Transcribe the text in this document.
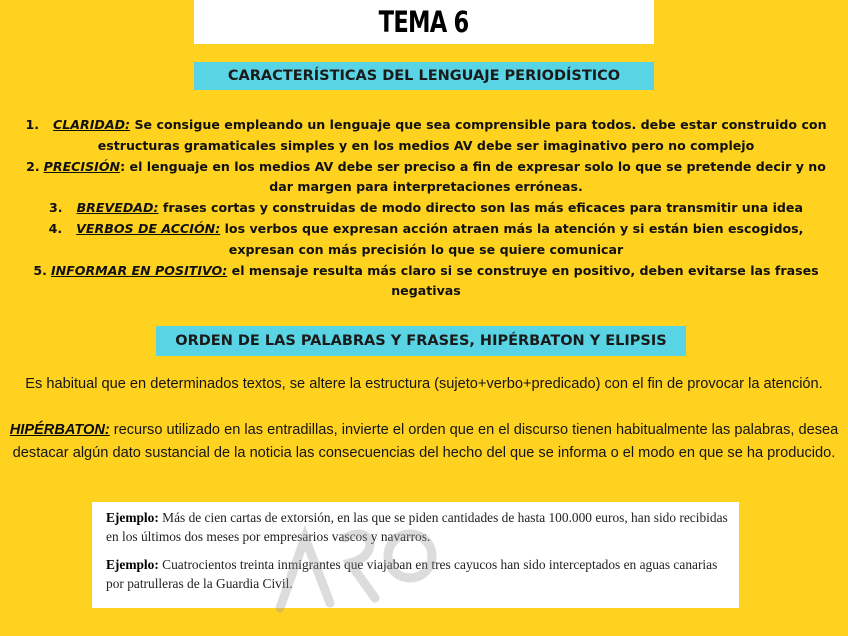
TEMA 6
CARACTERÍSTICAS DEL LENGUAJE PERIODÍSTICO
1. CLARIDAD: Se consigue empleando un lenguaje que sea comprensible para todos. debe estar construido con estructuras gramaticales simples y en los medios AV debe ser imaginativo pero no complejo
2. PRECISIÓN: el lenguaje en los medios AV debe ser preciso a fin de expresar solo lo que se pretende decir y no dar margen para interpretaciones erróneas.
3. BREVEDAD: frases cortas y construidas de modo directo son las más eficaces para transmitir una idea
4. VERBOS DE ACCIÓN: los verbos que expresan acción atraen más la atención y si están bien escogidos, expresan con más precisión lo que se quiere comunicar
5. INFORMAR EN POSITIVO: el mensaje resulta más claro si se construye en positivo, deben evitarse las frases negativas
ORDEN DE LAS PALABRAS Y FRASES, HIPÉRBATON Y ELIPSIS
Es habitual que en determinados textos, se altere la estructura (sujeto+verbo+predicado) con el fin de provocar la atención.
HIPÉRBATON: recurso utilizado en las entradillas, invierte el orden que en el discurso tienen habitualmente las palabras, desea destacar algún dato sustancial de la noticia las consecuencias del hecho del que se informa o el modo en que se ha producido.

Ejemplo: Más de cien cartas de extorsión, en las que se piden cantidades de hasta 100.000 euros, han sido recibidas en los últimos dos meses por empresarios vascos y navarros.

Ejemplo: Cuatrocientos treinta inmigrantes que viajaban en tres cayucos han sido interceptados en aguas canarias por patrulleras de la Guardia Civil.
